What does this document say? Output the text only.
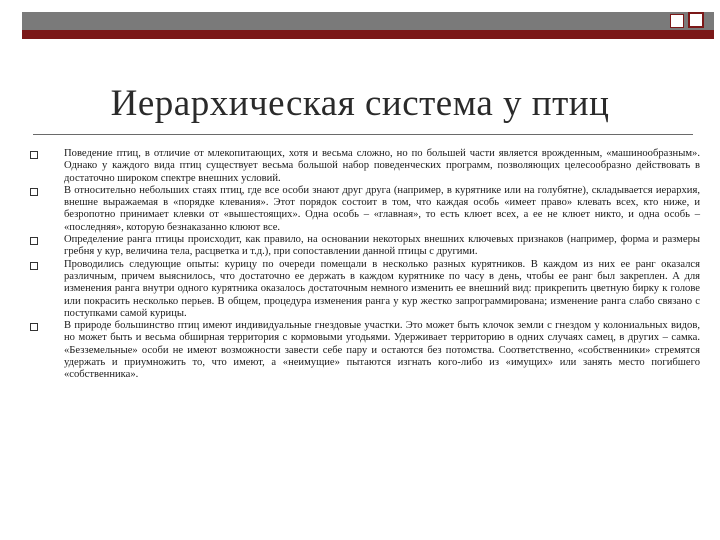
Иерархическая система у птиц
Поведение птиц, в отличие от млекопитающих, хотя и весьма сложно, но по большей части является врожденным, «машинообразным». Однако у каждого вида птиц существует весьма большой набор поведенческих программ, позволяющих целесообразно действовать в достаточно широком спектре внешних условий.
В относительно небольших стаях птиц, где все особи знают друг друга (например, в курятнике или на голубятне), складывается иерархия, внешне выражаемая в «порядке клевания». Этот порядок состоит в том, что каждая особь «имеет право» клевать всех, кто ниже, и безропотно принимает клевки от «вышестоящих». Одна особь – «главная», то есть клюет всех, а ее не клюет никто, и одна особь – «последняя», которую безнаказанно клюют все.
Определение ранга птицы происходит, как правило, на основании некоторых внешних ключевых признаков (например, форма и размеры гребня у кур, величина тела, расцветка и т.д.), при сопоставлении данной птицы с другими.
Проводились следующие опыты: курицу по очереди помещали в несколько разных курятников. В каждом из них ее ранг оказался различным, причем выяснилось, что достаточно ее держать в каждом курятнике по часу в день, чтобы ее ранг был закреплен. А для изменения ранга внутри одного курятника оказалось достаточным немного изменить ее внешний вид: прикрепить цветную бирку к голове или покрасить несколько перьев. В общем, процедура изменения ранга у кур жестко запрограммирована; изменение ранга слабо связано с поступками самой курицы.
В природе большинство птиц имеют индивидуальные гнездовые участки. Это может быть клочок земли с гнездом у колониальных видов, но может быть и весьма обширная территория с кормовыми угодьями. Удерживает территорию в одних случаях самец, в других – самка. «Безземельные» особи не имеют возможности завести себе пару и остаются без потомства. Соответственно, «собственники» стремятся удержать и приумножить то, что имеют, а «неимущие» пытаются изгнать кого-либо из «имущих» или занять место погибшего «собственника».
